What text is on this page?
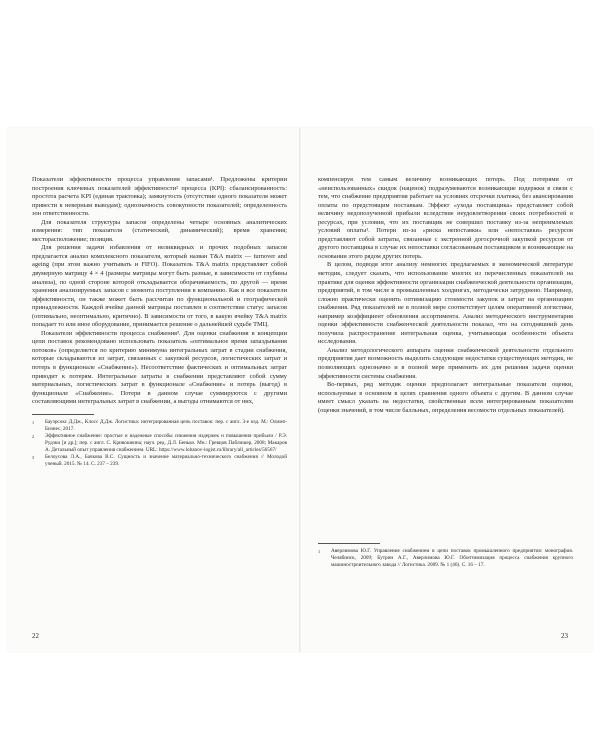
Показатели эффективности процесса управления запасами¹. Предложены критерии построения ключевых показателей эффективности² процесса (KPI): сбалансированность: простота расчета KPI (единая трактовка); замкнутость (отсутствие одного показателя может привести к неверным выводам); однозначность совокупности показателей; определенность зон ответственности.

Для показателя структуры запасов определены четыре основных аналитических измерения: тип показателя (статический, динамический); время хранения; месторасположение; позиция.

Для решения задачи избавления от неликвидных и прочих подобных запасов предлагается анализ комплексного показателя, который назван T&A matrix — turnover and ageing (при этом важно учитывать и FIFO). Показатель T&A matrix представляет собой двумерную матрицу 4 × 4 (размеры матрицы могут быть разные, в зависимости от глубины анализа), по одной стороне которой откладывается оборачиваемость, по другой — время хранения анализируемых запасов с момента поступления в компанию. Как и все показатели эффективности, он также может быть рассчитан по функциональной и географической принадлежности. Каждой ячейке данной матрицы поставлен в соответствие статус запасов (оптимально, неоптимально, критично). В зависимости от того, в какую ячейку T&A matrix попадает то или иное оборудование, принимается решение о дальнейшей судьбе ТМЦ.

Показатели эффективности процесса снабжения³. Для оценки снабжения в концепции цепи поставок рекомендовано использовать показатель «оптимальное время запаздывания потоков» (определяется по критерию минимума интегральных затрат в стадии снабжения, которые складываются из затрат, связанных с закупкой ресурсов, логистических затрат и потерь в функционале «Снабжение»). Несоответствие фактических и оптимальных затрат приводит к потерям. Интегральные затраты в снабжении представляют собой сумму материальных, логистических затрат в функционале «Снабжение» и потерь (выгод) в функционале «Снабжение». Потери в данном случае суммируются с другими составляющими интегральных затрат в снабжении, а выгоды отнимаются от них,

1 Бауэрсокс Д.Дж., Клосс Д.Дж. Логистика: интегрированная цепь поставок: пер. с англ. 3-е изд. М.: Олимп-Бизнес, 2017.

2 Эффективное снабжение: простые и надежные способы снижения издержек и повышения прибыли / Р.Э. Рудзки [и др.]; пер. с англ. С. Кривошеина; науч. ред. Д.Л. Бенько. Мн.: Гревцов Паблишер, 2008; Макаров А. Детальный опыт управления снабжением. URL: https://www.lobanov-logist.ru/library/all_articles/56567/

3 Белоусова Л.А., Бачкова В.С. Сущность и значение материально-технического снабжения // Молодой ученый. 2015. № 14. С. 237 – 239.

22

компенсируя тем самым величину возникающих потерь. Под потерями от «неиспользованных» скидок (наценок) подразумеваются возникающие издержки в связи с тем, что снабжение предприятия работает на условиях отсрочки платежа, без авансирования оплаты по предстоящим поставкам. Эффект «ухода поставщика» представляет собой величину недополученной прибыли вследствие неудовлетворения своих потребностей в ресурсах, при условии, что их поставщик не совершил поставку из-за непреимлемых условий оплаты¹. Потери из-за «риска непоставки» или «непоставки» ресурсов представляют собой затраты, связанные с экстренной догосрочной закупкой ресурсов от другого поставщика в случае их непоставки согласованным поставщиком и возникающие на основании этого рядом других потерь.

В целом, подводя итог анализу немногих предлагаемых в экономической литературе методик, следует сказать, что использование многих из перечисленных показателей на практике для оценки эффективности организации снабженческой деятельности организации, предприятий, в том числе в промышленных холдингах, методически затруднено. Например, сложно практически оценить оптимизацию стоимости закупок и затрат на организацию снабжения. Ряд показателей не в полной мере соответствует целям оперативной логистики, например коэффициент обновления ассортимента. Анализ методического инструментария оценки эффективности снабженческой деятельности показал, что на сегодняшний день получила распространение интегральная оценка, учитывающая особенности объекта исследования.

Анализ методологического аппарата оценки снабженческой деятельности отдельного предприятия дает возможность выделить следующие недостатки существующих методик, не позволяющих однозначно и в полной мере применить их для решения задачи оценки эффективности системы снабжения.

Во-первых, ряд методик оценки предполагает интегральные показатели оценки, используемые в основном в целях сравнения одного объекта с другим. В данном случае имеет смысл указать на недостатки, свойственные всем интегрированным показателям (оценки значений, в том числе балльных, определения весомости отдельных показателей).

1 Аверлимова Ю.Г. Управление снабжением в цепи поставок промышленного предприятия: монография. Челябинск, 2009; Бутрин А.Г., Аверлимова Ю.Г. Обоптимизация процесса снабжения крупного машиностроительного завода // Логистика. 2009. № 1 (46). С. 16 – 17.

23
